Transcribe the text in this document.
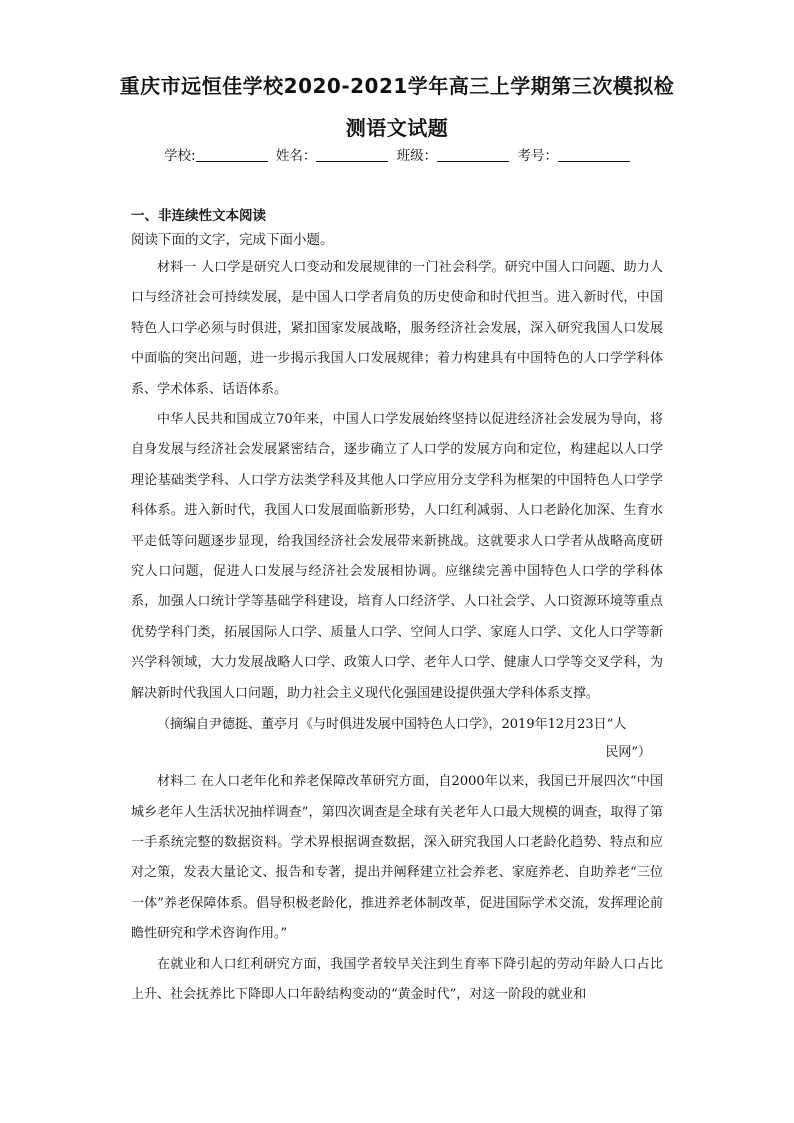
重庆市远恒佳学校2020-2021学年高三上学期第三次模拟检
测语文试题
学校:	姓名：	班级：	考号：
一、非连续性文本阅读
阅读下面的文字，完成下面小题。

材料一 人口学是研究人口变动和发展规律的一门社会科学。研究中国人口问题、助力人口与经济社会可持续发展，是中国人口学者肩负的历史使命和时代担当。进入新时代，中国特色人口学必须与时俱进，紧扣国家发展战略，服务经济社会发展，深入研究我国人口发展中面临的突出问题，进一步揭示我国人口发展规律；着力构建具有中国特色的人口学学科体系、学术体系、话语体系。

中华人民共和国成立70年来，中国人口学发展始终坚持以促进经济社会发展为导向，将自身发展与经济社会发展紧密结合，逐步确立了人口学的发展方向和定位，构建起以人口学理论基础类学科、人口学方法类学科及其他人口学应用分支学科为框架的中国特色人口学学科体系。进入新时代，我国人口发展面临新形势，人口红利减弱、人口老龄化加深、生育水平走低等问题逐步显现，给我国经济社会发展带来新挑战。这就要求人口学者从战略高度研究人口问题，促进人口发展与经济社会发展相协调。应继续完善中国特色人口学的学科体系，加强人口统计学等基础学科建设，培育人口经济学、人口社会学、人口资源环境等重点优势学科门类，拓展国际人口学、质量人口学、空间人口学、家庭人口学、文化人口学等新兴学科领域，大力发展战略人口学、政策人口学、老年人口学、健康人口学等交叉学科，为解决新时代我国人口问题，助力社会主义现代化强国建设提供强大学科体系支撑。

（摘编自尹德挺、董亭月《与时俱进发展中国特色人口学》，2019年12月23日“人
民网”）

材料二 在人口老年化和养老保障改革研究方面，自2000年以来，我国已开展四次“中国城乡老年人生活状况抽样调查”，第四次调查是全球有关老年人口最大规模的调查，取得了第一手系统完整的数据资料。学术界根据调查数据，深入研究我国人口老龄化趋势、特点和应对之策，发表大量论文、报告和专著，提出并阐释建立社会养老、家庭养老、自助养老“三位一体”养老保障体系。倡导积极老龄化，推进养老体制改革，促进国际学术交流，发挥理论前瞻性研究和学术咨询作用。”

在就业和人口红利研究方面，我国学者较早关注到生育率下降引起的劳动年龄人口占比上升、社会抚养比下降即人口年龄结构变动的“黄金时代”，对这一阶段的就业和
